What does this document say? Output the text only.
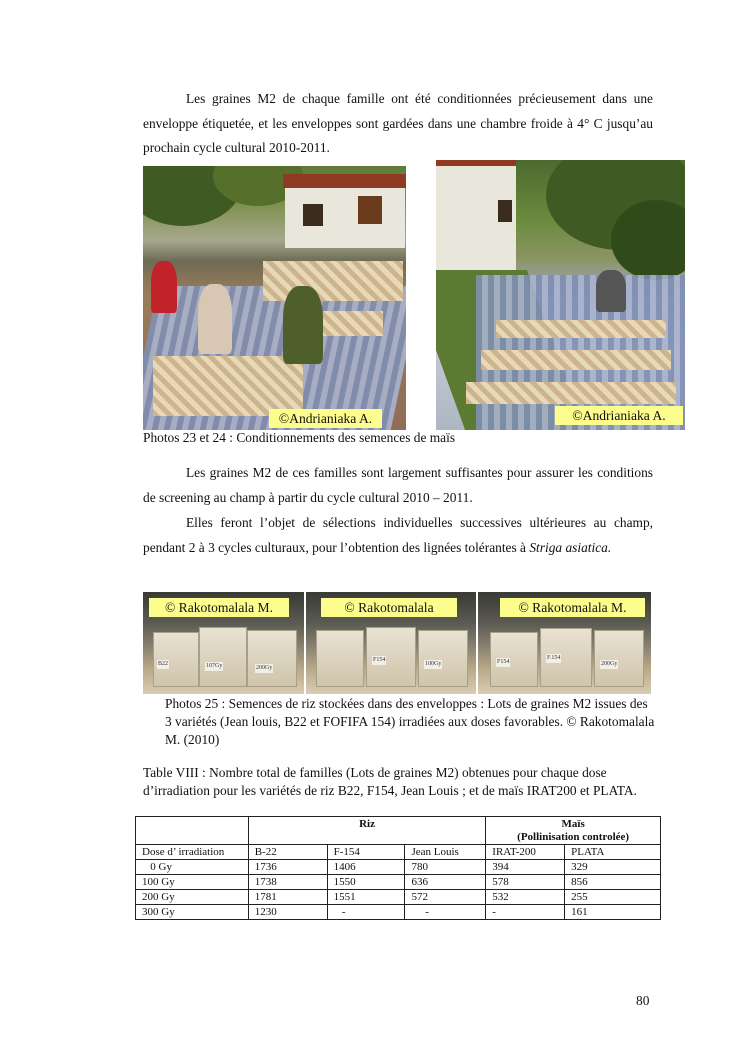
Les graines M2 de chaque famille ont été conditionnées précieusement dans une enveloppe étiquetée, et les enveloppes sont gardées dans une chambre froide à 4° C jusqu’au prochain cycle cultural 2010-2011.

©Andrianiaka A.	©Andrianiaka A.
Photos 23 et 24 : Conditionnements des semences de maïs

Les graines M2 de ces familles sont largement suffisantes pour assurer les conditions de screening au champ à partir du cycle cultural 2010 – 2011.

Elles feront l’objet de sélections individuelles successives ultérieures au champ, pendant 2 à 3 cycles culturaux, pour l’obtention des lignées tolérantes à Striga asiatica.

B22	107Gy	200Gy
F154
100Gy	F154
F.154
200Gy
© Rakotomalala M.	© Rakotomalala	© Rakotomalala M.
Photos 25 : Semences de riz stockées dans des enveloppes : Lots de graines M2 issues des 3 variétés (Jean louis, B22 et FOFIFA 154) irradiées aux doses favorables. © Rakotomalala M. (2010)
Table VIII : Nombre total de familles (Lots de graines M2) obtenues pour chaque dose d’irradiation pour les variétés de riz B22, F154, Jean Louis ; et de maïs IRAT200 et PLATA.
	Riz			Maïs
(Pollinisation controlée)	
Dose d’ irradiation	B-22	F-154	Jean Louis	IRAT-200	PLATA
0 Gy	1736	1406	780	394	329
100 Gy	1738	1550	636	578	856
200 Gy	1781	1551	572	532	255
300 Gy	1230	-	-	-	161
80
